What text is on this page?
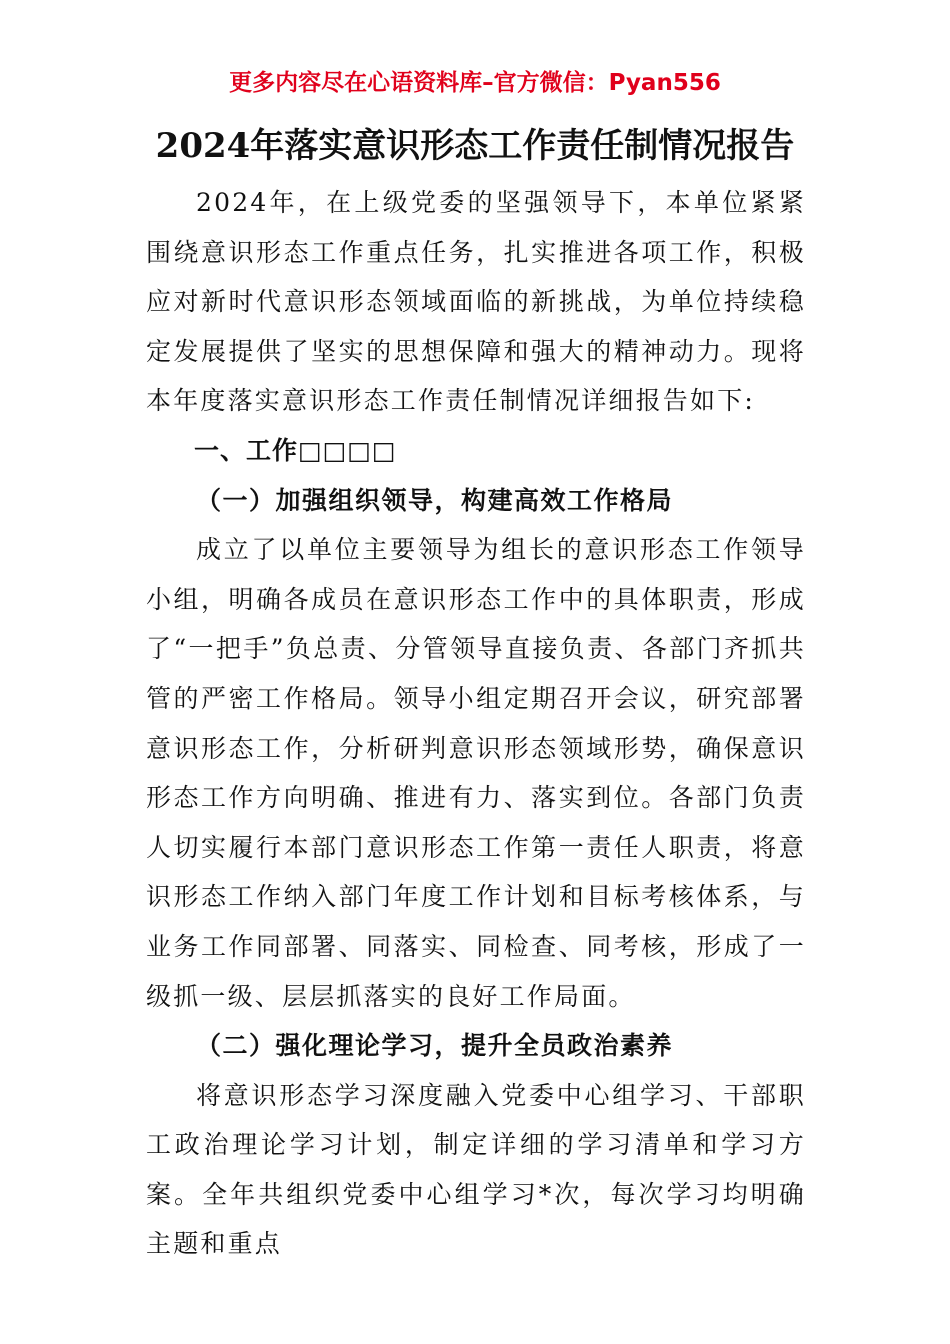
更多内容尽在心语资料库–官方微信：Pyan556
2024年落实意识形态工作责任制情况报告

2024年，在上级党委的坚强领导下，本单位紧紧围绕意识形态工作重点任务，扎实推进各项工作，积极应对新时代意识形态领域面临的新挑战，为单位持续稳定发展提供了坚实的思想保障和强大的精神动力。现将本年度落实意识形态工作责任制情况详细报告如下:

一、工作□□□□

（一）加强组织领导，构建高效工作格局

成立了以单位主要领导为组长的意识形态工作领导小组，明确各成员在意识形态工作中的具体职责，形成了“一把手”负总责、分管领导直接负责、各部门齐抓共管的严密工作格局。领导小组定期召开会议，研究部署意识形态工作，分析研判意识形态领域形势，确保意识形态工作方向明确、推进有力、落实到位。各部门负责人切实履行本部门意识形态工作第一责任人职责，将意识形态工作纳入部门年度工作计划和目标考核体系，与业务工作同部署、同落实、同检查、同考核，形成了一级抓一级、层层抓落实的良好工作局面。

（二）强化理论学习，提升全员政治素养

将意识形态学习深度融入党委中心组学习、干部职工政治理论学习计划，制定详细的学习清单和学习方案。全年共组织党委中心组学习*次，每次学习均明确主题和重点
